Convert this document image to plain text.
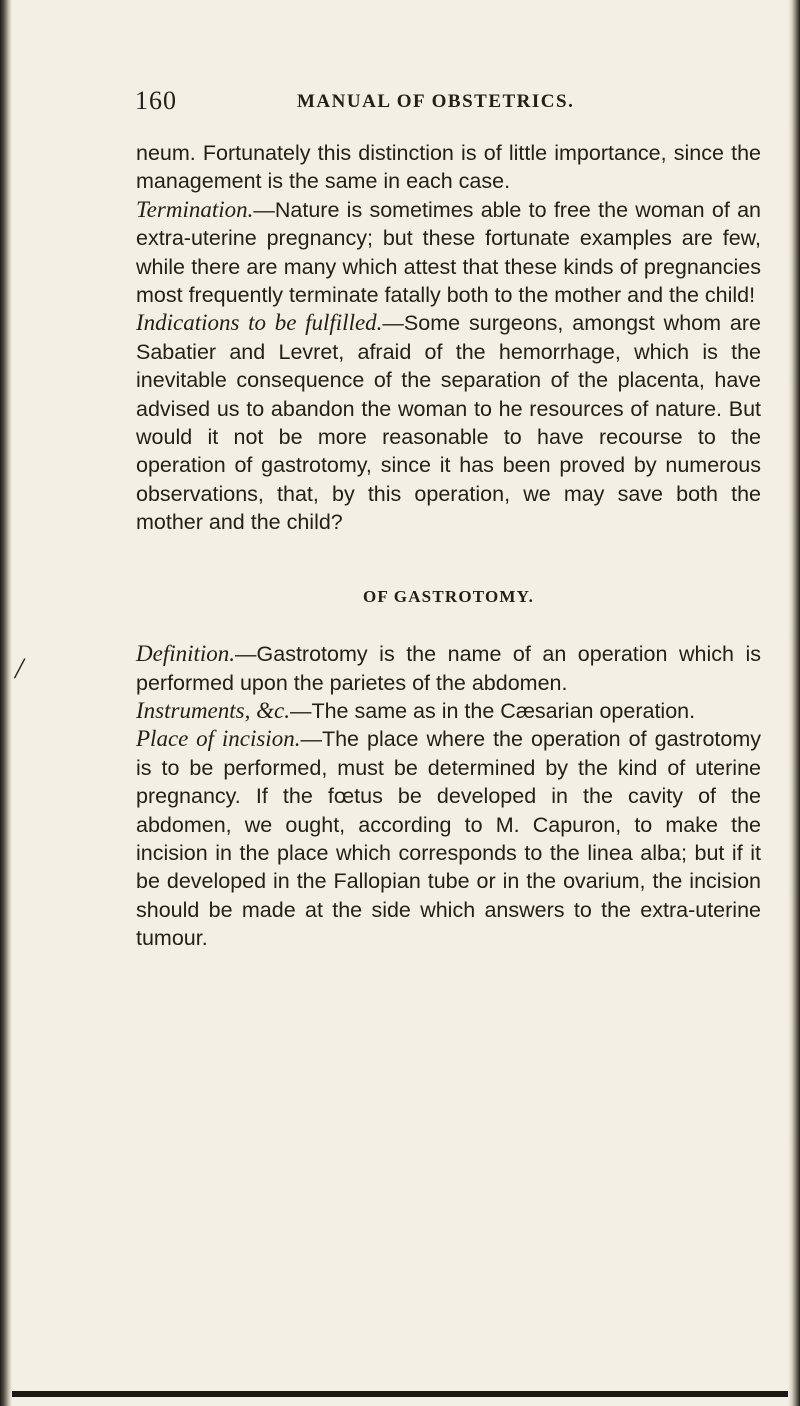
/
160	MANUAL OF OBSTETRICS.

neum. Fortunately this distinction is of little importance, since the management is the same in each case.

Termination.—Nature is sometimes able to free the woman of an extra-uterine pregnancy; but these fortunate examples are few, while there are many which attest that these kinds of pregnancies most frequently terminate fatally both to the mother and the child!

Indications to be fulfilled.—Some surgeons, amongst whom are Sabatier and Levret, afraid of the hemorrhage, which is the inevitable consequence of the separation of the placenta, have advised us to abandon the woman to he resources of nature. But would it not be more reasonable to have recourse to the operation of gastrotomy, since it has been proved by numerous observations, that, by this operation, we may save both the mother and the child?

OF GASTROTOMY.

Definition.—Gastrotomy is the name of an operation which is performed upon the parietes of the abdomen.

Instruments, &c.—The same as in the Cæsarian operation.

Place of incision.—The place where the operation of gastrotomy is to be performed, must be determined by the kind of uterine pregnancy. If the fœtus be developed in the cavity of the abdomen, we ought, according to M. Capuron, to make the incision in the place which corresponds to the linea alba; but if it be developed in the Fallopian tube or in the ovarium, the incision should be made at the side which answers to the extra-uterine tumour.
